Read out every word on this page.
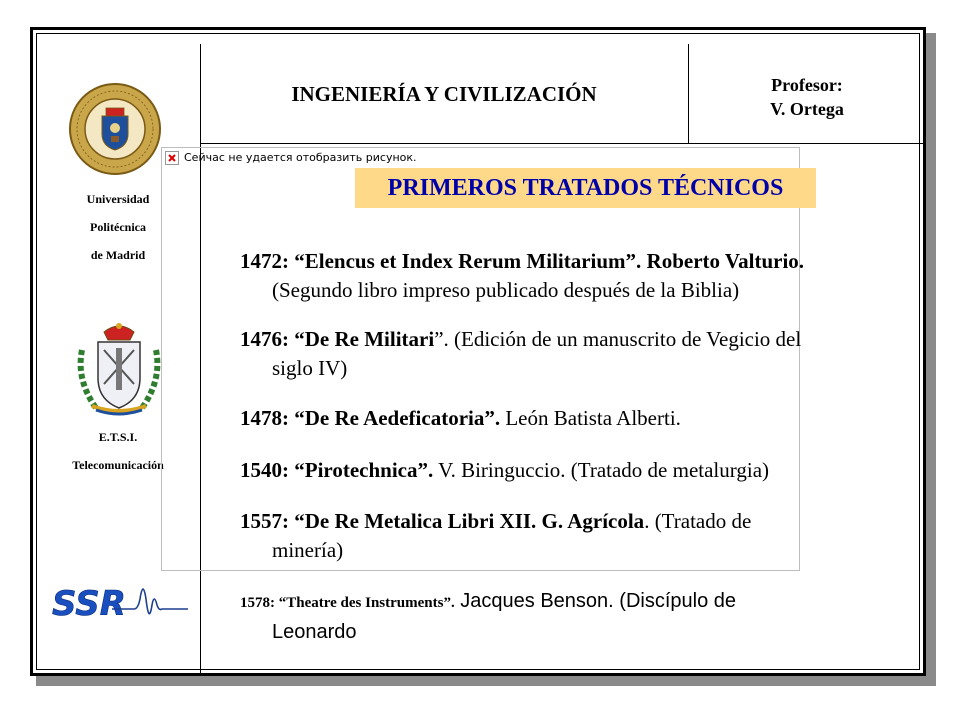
INGENIERÍA Y CIVILIZACIÓN	Profesor:
V. Ortega
Universidad
Politécnica
de Madrid
E.T.S.I.
Telecomunicación
SSR
Сейчас не удается отобразить рисунок.
PRIMEROS TRATADOS TÉCNICOS
1472: “Elencus et Index Rerum Militarium”. Roberto Valturio.
(Segundo libro impreso publicado después de la Biblia)
1476: “De Re Militari”. (Edición de un manuscrito de Vegicio del
siglo IV)
1478: “De Re Aedeficatoria”. León Batista Alberti.
1540: “Pirotechnica”. V. Biringuccio. (Tratado de metalurgia)
1557: “De Re Metalica Libri XII. G. Agrícola. (Tratado de
minería)
1578: “Theatre des Instruments”. Jacques Benson. (Discípulo de
Leonardo
